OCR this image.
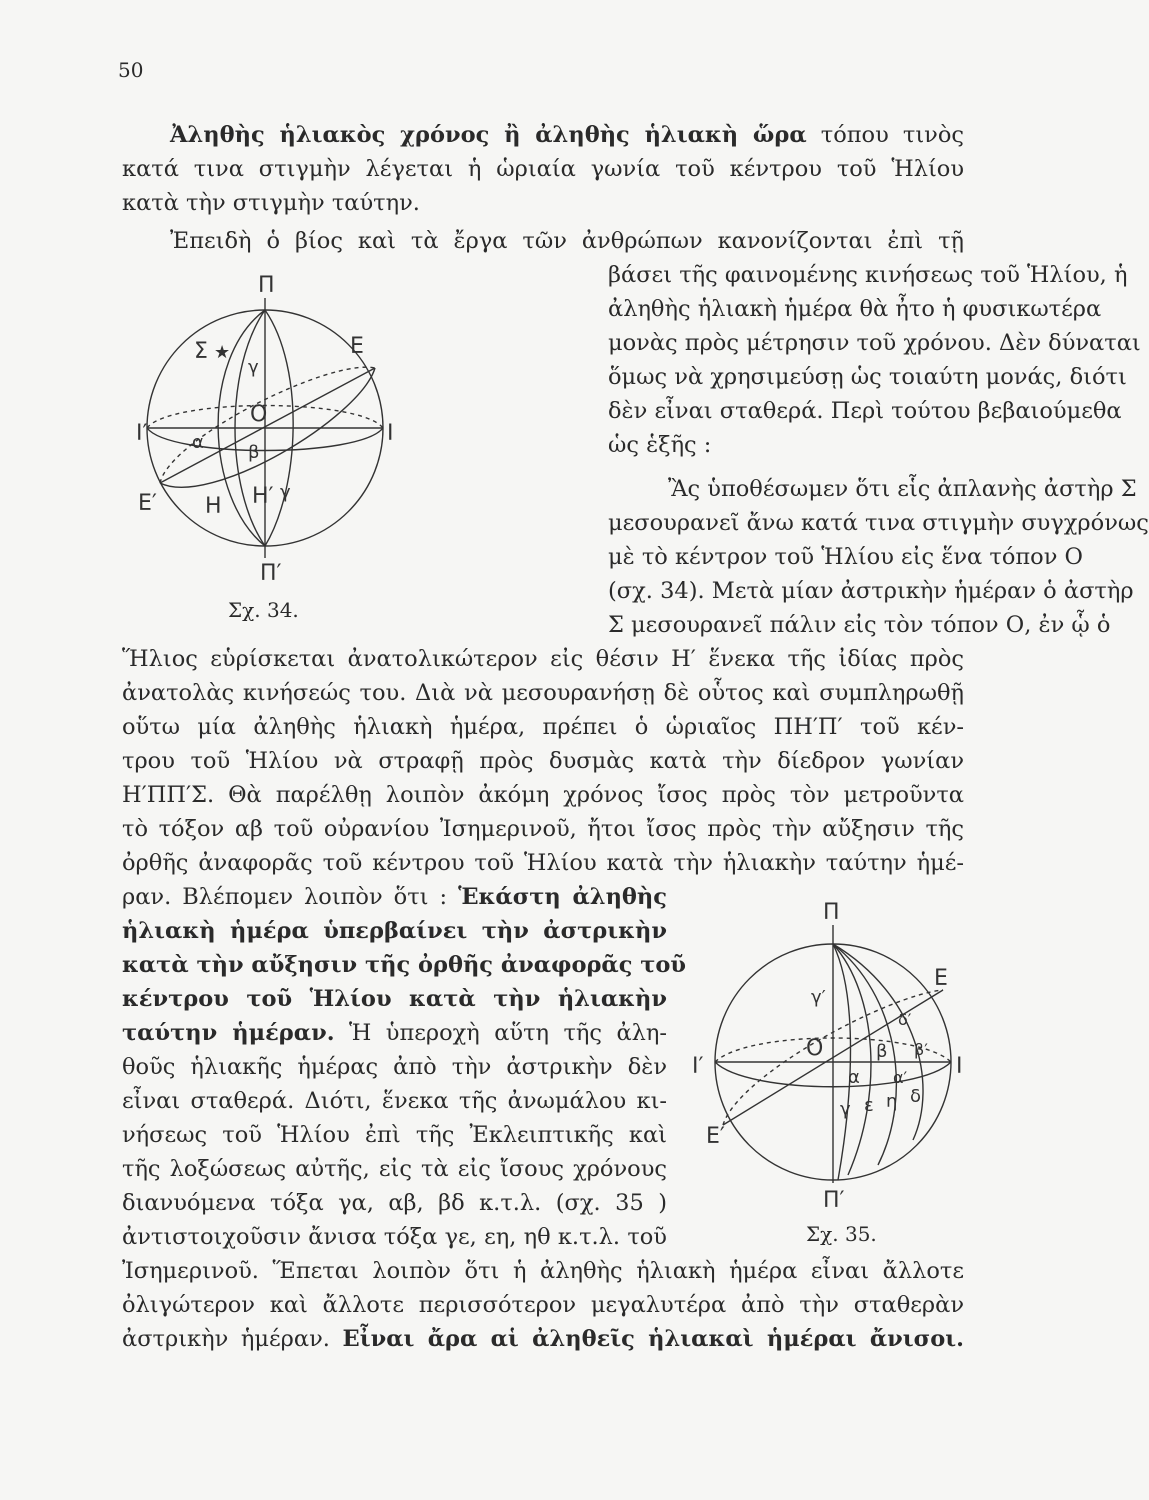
50
Ἀληθὴς ἡλιακὸς χρόνος ἢ ἀληθὴς ἡλιακὴ ὥρα τόπου τινὸς
κατά τινα στιγμὴν λέγεται ἡ ὡριαία γωνία τοῦ κέντρου τοῦ Ἡλίου
κατὰ τὴν στιγμὴν ταύτην.
Ἐπειδὴ ὁ βίος καὶ τὰ ἔργα τῶν ἀνθρώπων κανονίζονται ἐπὶ τῇ
βάσει τῆς φαινομένης κινήσεως τοῦ Ἡλίου, ἡ
ἀληθὴς ἡλιακὴ ἡμέρα θὰ ἦτο ἡ φυσικωτέρα
μονὰς πρὸς μέτρησιν τοῦ χρόνου. Δὲν δύναται
ὅμως νὰ χρησιμεύσῃ ὡς τοιαύτη μονάς, διότι
δὲν εἶναι σταθερά. Περὶ τούτου βεβαιούμεθα
ὡς ἑξῆς :
Ἂς ὑποθέσωμεν ὅτι εἷς ἀπλανὴς ἀστὴρ Σ
μεσουρανεῖ ἄνω κατά τινα στιγμὴν συγχρόνως
μὲ τὸ κέντρον τοῦ Ἡλίου εἰς ἕνα τόπον Ο
(σχ. 34). Μετὰ μίαν ἀστρικὴν ἡμέραν ὁ ἀστὴρ
Σ μεσουρανεῖ πάλιν εἰς τὸν τόπον Ο, ἐν ᾧ ὁ
Ἥλιος εὑρίσκεται ἀνατολικώτερον εἰς θέσιν Η′ ἕνεκα τῆς ἰδίας πρὸς
ἀνατολὰς κινήσεώς του. Διὰ νὰ μεσουρανήσῃ δὲ οὗτος καὶ συμπληρωθῇ
οὕτω μία ἀληθὴς ἡλιακὴ ἡμέρα, πρέπει ὁ ὡριαῖος ΠΗ′Π′ τοῦ κέν-
τρου τοῦ Ἡλίου νὰ στραφῇ πρὸς δυσμὰς κατὰ τὴν δίεδρον γωνίαν
Η′ΠΠ′Σ. Θὰ παρέλθῃ λοιπὸν ἀκόμη χρόνος ἴσος πρὸς τὸν μετροῦντα
τὸ τόξον αβ τοῦ οὐρανίου Ἰσημερινοῦ, ἤτοι ἴσος πρὸς τὴν αὔξησιν τῆς
ὀρθῆς ἀναφορᾶς τοῦ κέντρου τοῦ Ἡλίου κατὰ τὴν ἡλιακὴν ταύτην ἡμέ-
ραν. Βλέπομεν λοιπὸν ὅτι : Ἑκάστη ἀληθὴς
ἡλιακὴ ἡμέρα ὑπερβαίνει τὴν ἀστρικὴν
κατὰ τὴν αὔξησιν τῆς ὀρθῆς ἀναφορᾶς τοῦ
κέντρου τοῦ Ἡλίου κατὰ τὴν ἡλιακὴν
ταύτην ἡμέραν. Ἡ ὑπεροχὴ αὕτη τῆς ἀλη-
θοῦς ἡλιακῆς ἡμέρας ἀπὸ τὴν ἀστρικὴν δὲν
εἶναι σταθερά. Διότι, ἕνεκα τῆς ἀνωμάλου κι-
νήσεως τοῦ Ἡλίου ἐπὶ τῆς Ἐκλειπτικῆς καὶ
τῆς λοξώσεως αὐτῆς, εἰς τὰ εἰς ἴσους χρόνους
διανυόμενα τόξα γα, αβ, βδ κ.τ.λ. (σχ. 35 )
ἀντιστοιχοῦσιν ἄνισα τόξα γε, εη, ηθ κ.τ.λ. τοῦ
Ἰσημερινοῦ. Ἕπεται λοιπὸν ὅτι ἡ ἀληθὴς ἡλιακὴ ἡμέρα εἶναι ἄλλοτε
ὀλιγώτερον καὶ ἄλλοτε περισσότερον μεγαλυτέρα ἀπὸ τὴν σταθερὰν
ἀστρικὴν ἡμέραν. Εἶναι ἄρα αἱ ἀληθεῖς ἡλιακαὶ ἡμέραι ἄνισοι.
Π
Σ ★	Ε
γ
Ο
Ι′	Ι
α β
Ε′ Η Η′ γ
Π′
Σχ. 34.
Π
Ε
γ′
δ′
Ο	β β′
Ι′	Ι
α α′
γ ε η δ
Ε′
Π′
Σχ. 35.
